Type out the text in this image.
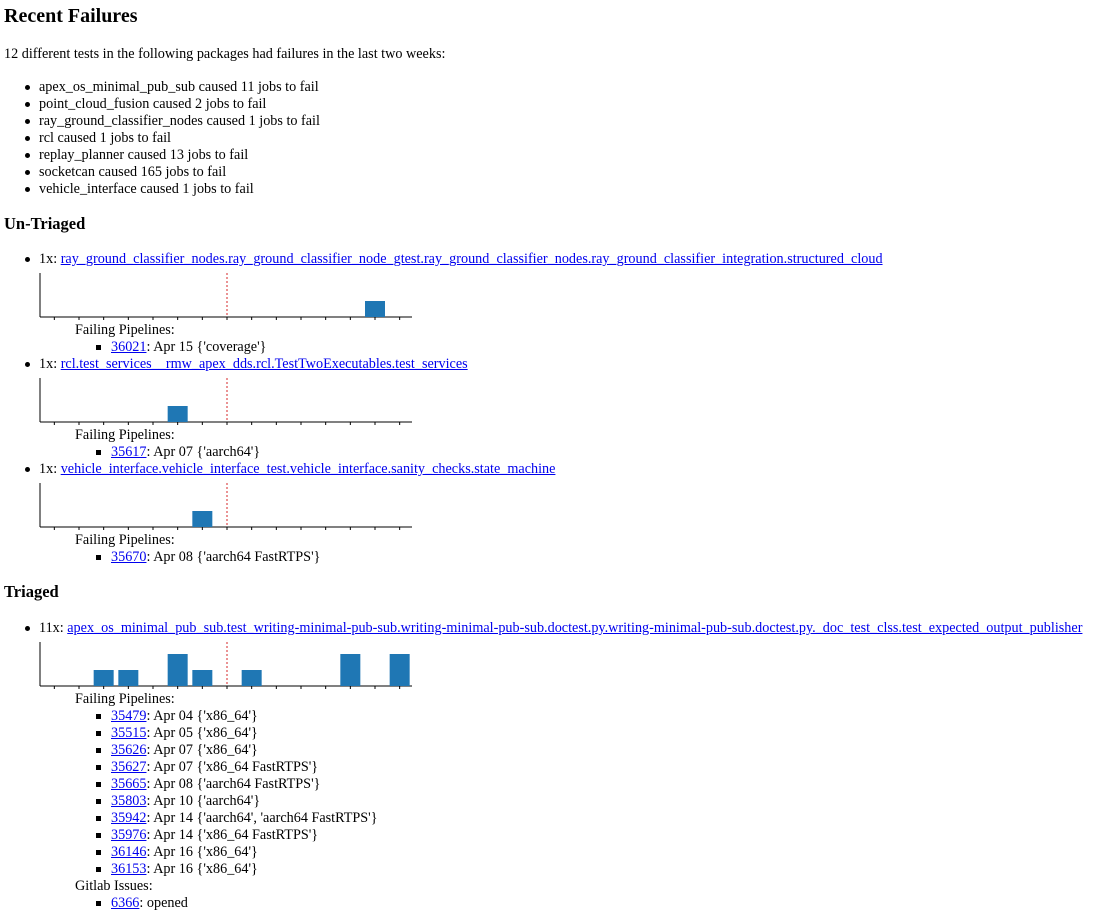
Recent Failures
12 different tests in the following packages had failures in the last two weeks:
apex_os_minimal_pub_sub caused 11 jobs to fail
point_cloud_fusion caused 2 jobs to fail
ray_ground_classifier_nodes caused 1 jobs to fail
rcl caused 1 jobs to fail
replay_planner caused 13 jobs to fail
socketcan caused 165 jobs to fail
vehicle_interface caused 1 jobs to fail
Un-Triaged
1x: ray_ground_classifier_nodes.ray_ground_classifier_node_gtest.ray_ground_classifier_nodes.ray_ground_classifier_integration.structured_cloud
Failing Pipelines:
36021: Apr 15 {'coverage'}
1x: rcl.test_services__rmw_apex_dds.rcl.TestTwoExecutables.test_services
Failing Pipelines:
35617: Apr 07 {'aarch64'}
1x: vehicle_interface.vehicle_interface_test.vehicle_interface.sanity_checks.state_machine
Failing Pipelines:
35670: Apr 08 {'aarch64 FastRTPS'}
Triaged
11x: apex_os_minimal_pub_sub.test_writing-minimal-pub-sub.writing-minimal-pub-sub.doctest.py.writing-minimal-pub-sub.doctest.py._doc_test_clss.test_expected_output_publisher
Failing Pipelines:
35479: Apr 04 {'x86_64'}
35515: Apr 05 {'x86_64'}
35626: Apr 07 {'x86_64'}
35627: Apr 07 {'x86_64 FastRTPS'}
35665: Apr 08 {'aarch64 FastRTPS'}
35803: Apr 10 {'aarch64'}
35942: Apr 14 {'aarch64', 'aarch64 FastRTPS'}
35976: Apr 14 {'x86_64 FastRTPS'}
36146: Apr 16 {'x86_64'}
36153: Apr 16 {'x86_64'}
Gitlab Issues:
6366: opened
